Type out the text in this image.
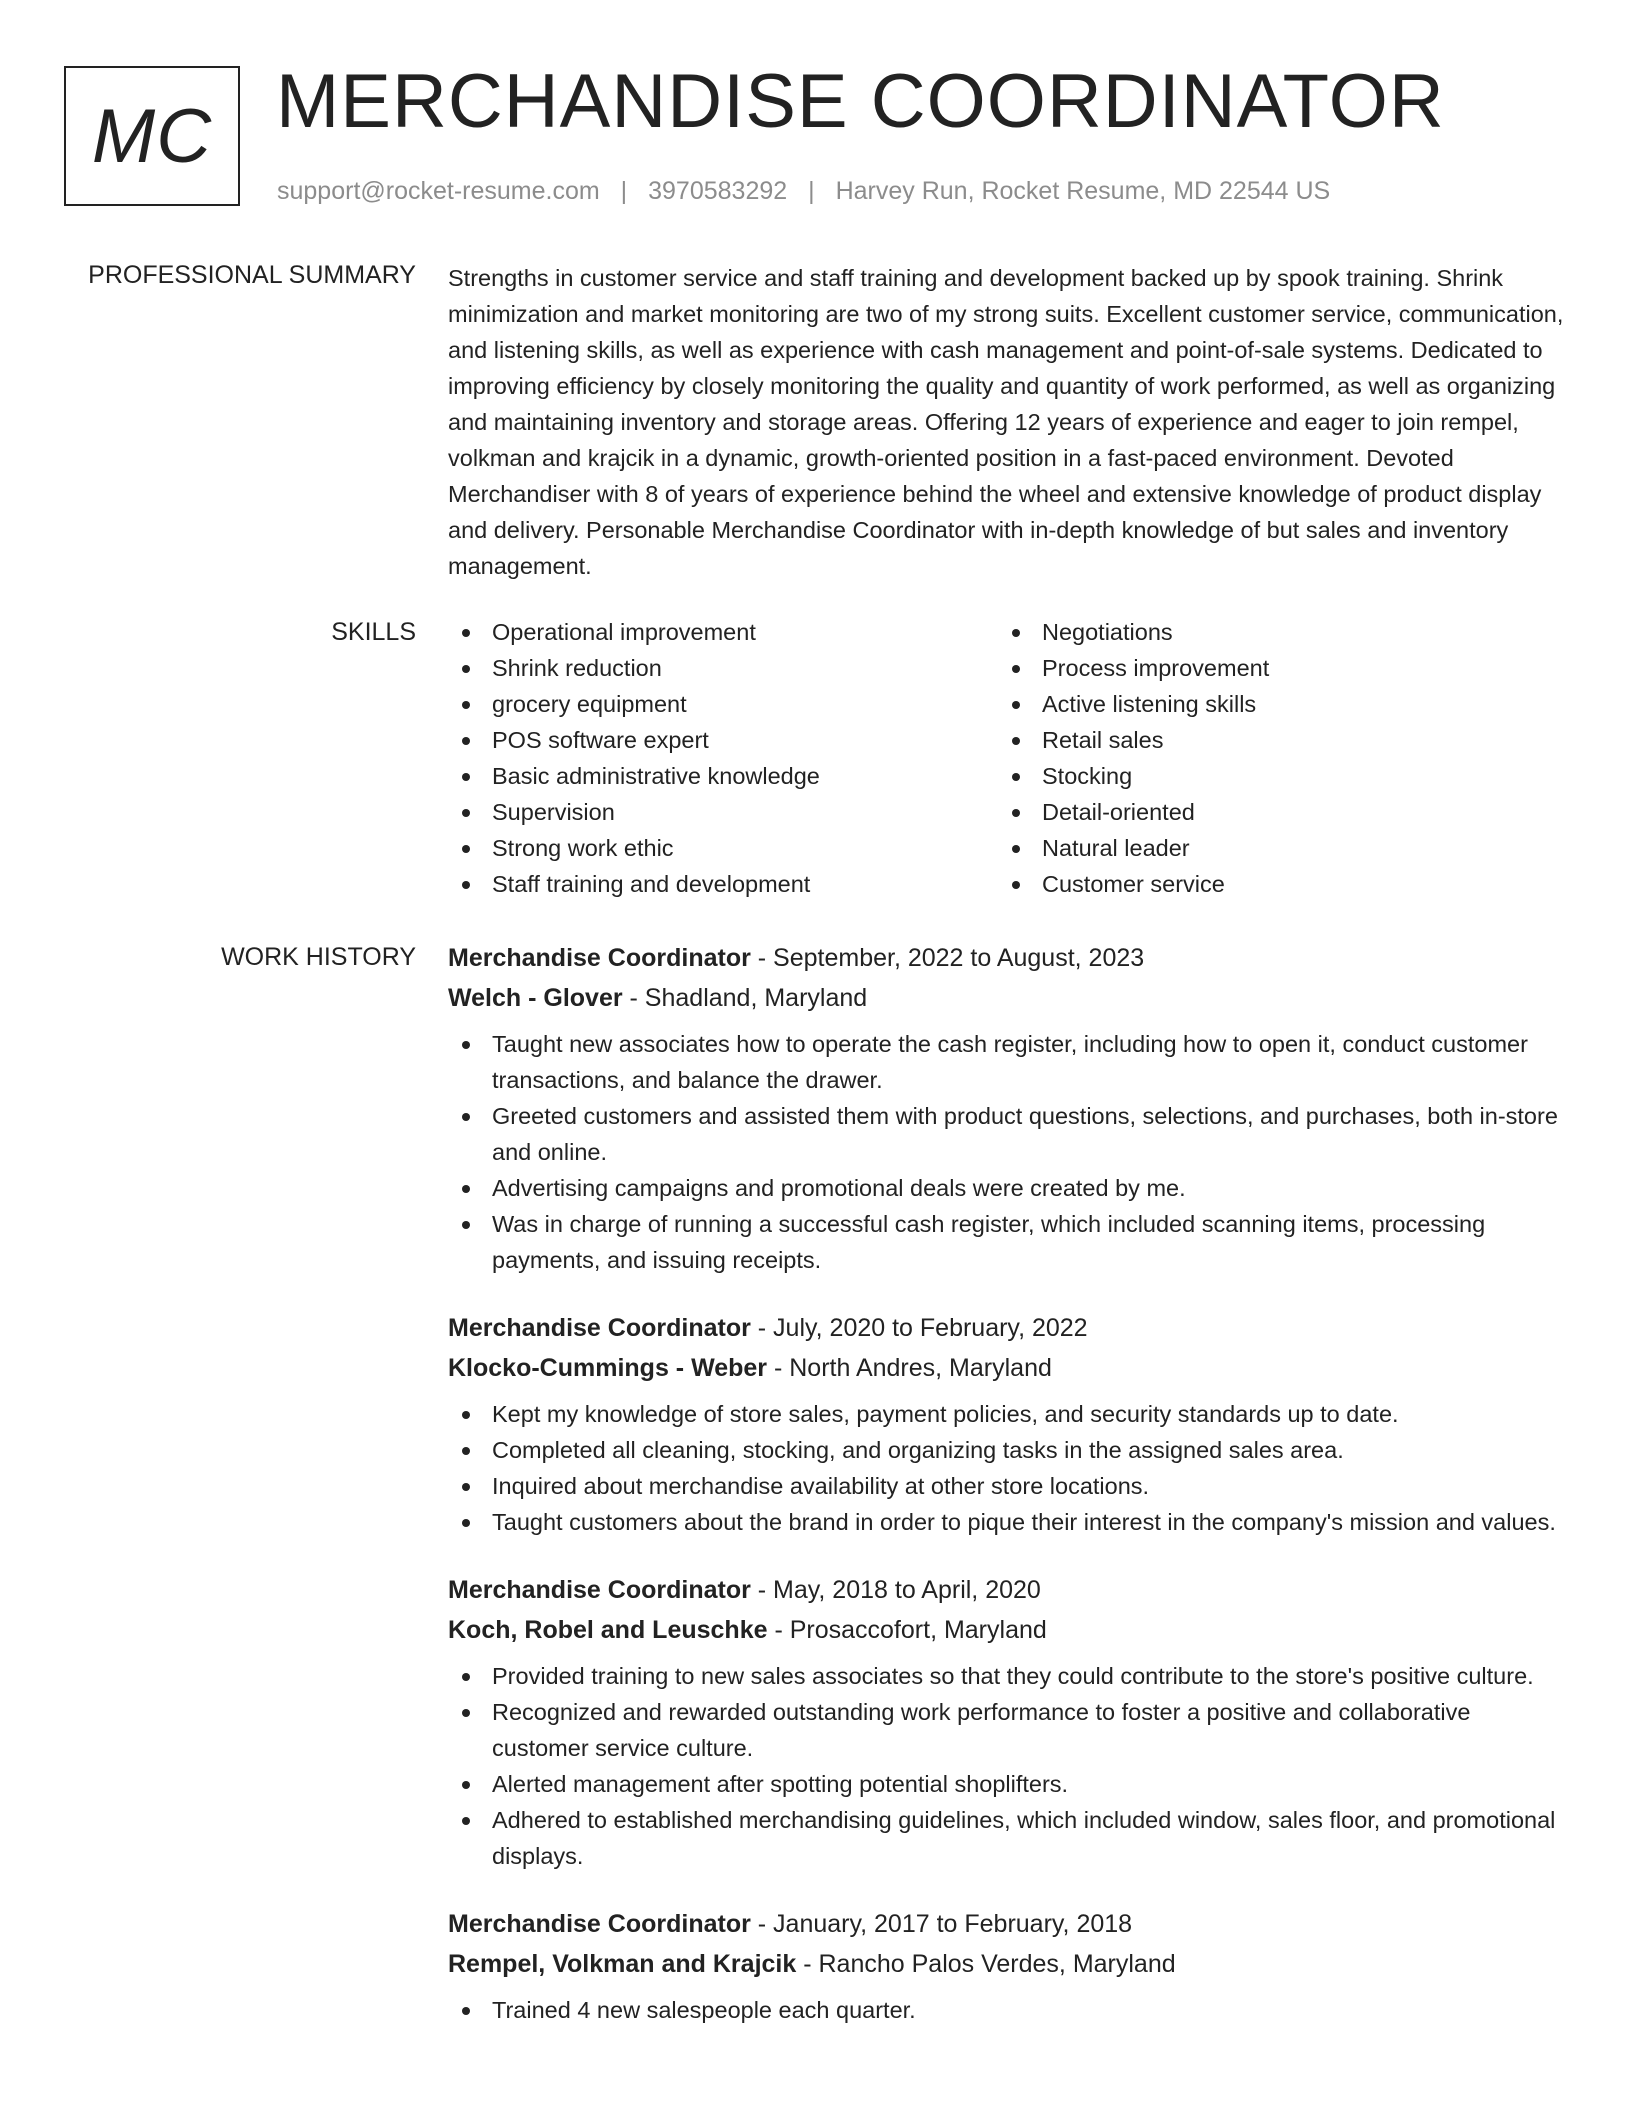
MC MERCHANDISE COORDINATOR
support@rocket-resume.com | 3970583292 | Harvey Run, Rocket Resume, MD 22544 US
PROFESSIONAL SUMMARY Strengths in customer service and staff training and development backed up by spook training. Shrink minimization and market monitoring are two of my strong suits. Excellent customer service, communication, and listening skills, as well as experience with cash management and point-of-sale systems. Dedicated to improving efficiency by closely monitoring the quality and quantity of work performed, as well as organizing and maintaining inventory and storage areas. Offering 12 years of experience and eager to join rempel, volkman and krajcik in a dynamic, growth-oriented position in a fast-paced environment. Devoted Merchandiser with 8 of years of experience behind the wheel and extensive knowledge of product display and delivery. Personable Merchandise Coordinator with in-depth knowledge of but sales and inventory management.

SKILLS	Operational improvement
Shrink reduction
grocery equipment
POS software expert
Basic administrative knowledge
Supervision
Strong work ethic
Staff training and development
Negotiations
Process improvement
Active listening skills
Retail sales
Stocking
Detail-oriented
Natural leader
Customer service
WORK HISTORY Merchandise Coordinator - September, 2022 to August, 2023
Welch - Glover - Shadland, Maryland
Taught new associates how to operate the cash register, including how to open it, conduct customer transactions, and balance the drawer.
Greeted customers and assisted them with product questions, selections, and purchases, both in-store and online.
Advertising campaigns and promotional deals were created by me.
Was in charge of running a successful cash register, which included scanning items, processing payments, and issuing receipts.
Merchandise Coordinator - July, 2020 to February, 2022
Klocko-Cummings - Weber - North Andres, Maryland
Kept my knowledge of store sales, payment policies, and security standards up to date.
Completed all cleaning, stocking, and organizing tasks in the assigned sales area.
Inquired about merchandise availability at other store locations.
Taught customers about the brand in order to pique their interest in the company's mission and values.
Merchandise Coordinator - May, 2018 to April, 2020
Koch, Robel and Leuschke - Prosaccofort, Maryland
Provided training to new sales associates so that they could contribute to the store's positive culture.
Recognized and rewarded outstanding work performance to foster a positive and collaborative customer service culture.
Alerted management after spotting potential shoplifters.
Adhered to established merchandising guidelines, which included window, sales floor, and promotional displays.
Merchandise Coordinator - January, 2017 to February, 2018
Rempel, Volkman and Krajcik - Rancho Palos Verdes, Maryland
Trained 4 new salespeople each quarter.
